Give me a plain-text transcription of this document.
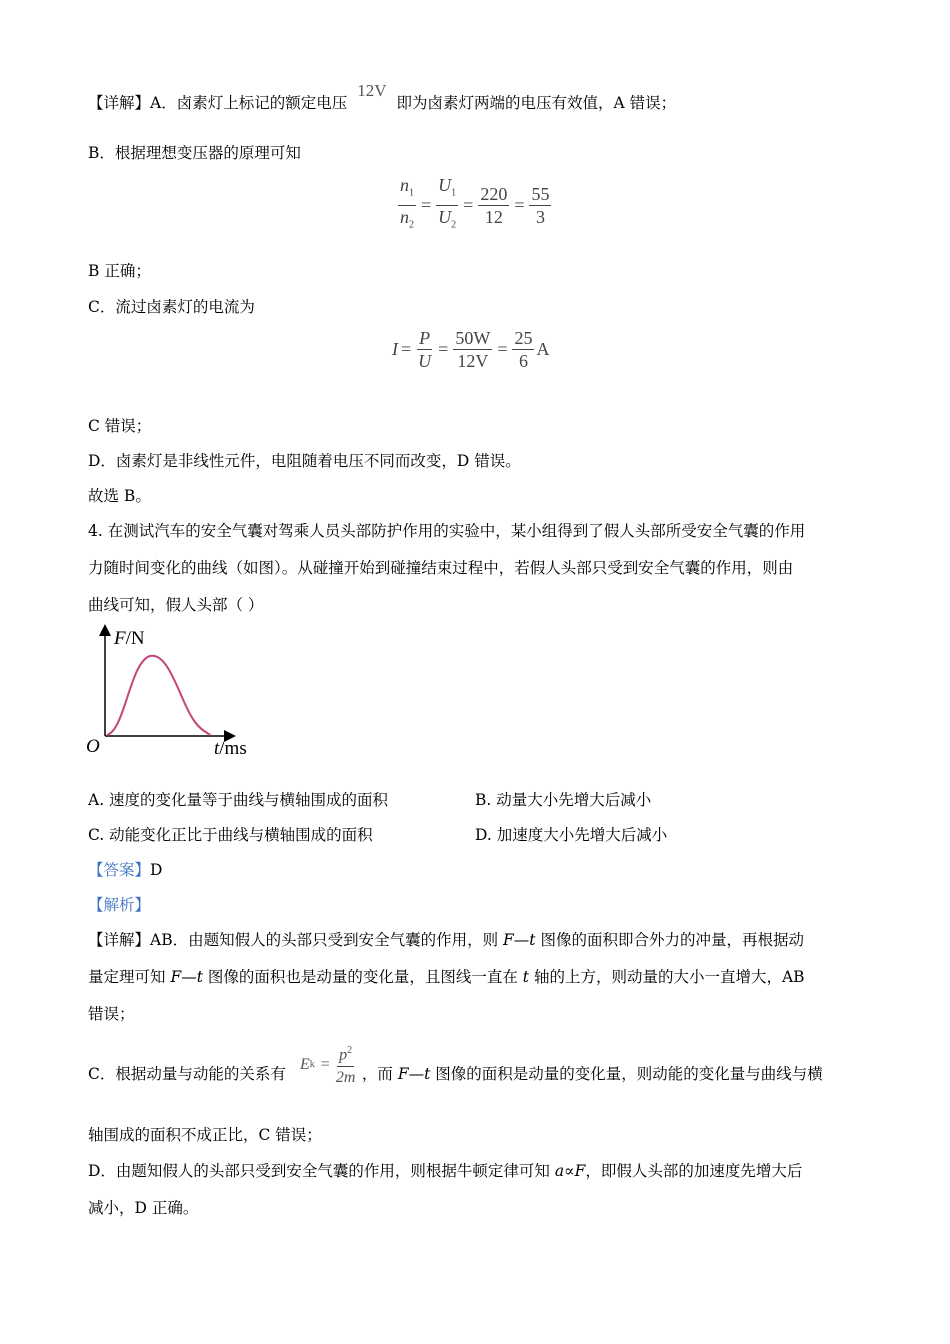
【详解】A．卤素灯上标记的额定电压12V即为卤素灯两端的电压有效值，A 错误；
B．根据理想变压器的原理可知
$\frac{n_1}{n_2} = \frac{U_1}{U_2} = \frac{220}{12} = \frac{55}{3}$
B 正确；
C．流过卤素灯的电流为
$I = \frac{P}{U} = \frac{50W}{12V} = \frac{25}{6}$ A
C 错误；
D．卤素灯是非线性元件，电阻随着电压不同而改变，D 错误。
故选 B。
4. 在测试汽车的安全气囊对驾乘人员头部防护作用的实验中，某小组得到了假人头部所受安全气囊的作用
力随时间变化的曲线（如图）。从碰撞开始到碰撞结束过程中，若假人头部只受到安全气囊的作用，则由
曲线可知，假人头部（ ）
F/N
O	t/ms
A. 速度的变化量等于曲线与横轴围成的面积	B. 动量大小先增大后减小
C. 动能变化正比于曲线与横轴围成的面积	D. 加速度大小先增大后减小
【答案】D
【解析】
【详解】AB．由题知假人的头部只受到安全气囊的作用，则 F—t 图像的面积即合外力的冲量，再根据动
量定理可知 F—t 图像的面积也是动量的变化量，且图线一直在 t 轴的上方，则动量的大小一直增大，AB
错误；
C．根据动量与动能的关系有	，而 F—t 图像的面积是动量的变化量，则动能的变化量与曲线与横
E $k = \frac{p^2}{2m}$
轴围成的面积不成正比，C 错误；
D．由题知假人的头部只受到安全气囊的作用，则根据牛顿定律可知 a∝F，即假人头部的加速度先增大后
减小，D 正确。
